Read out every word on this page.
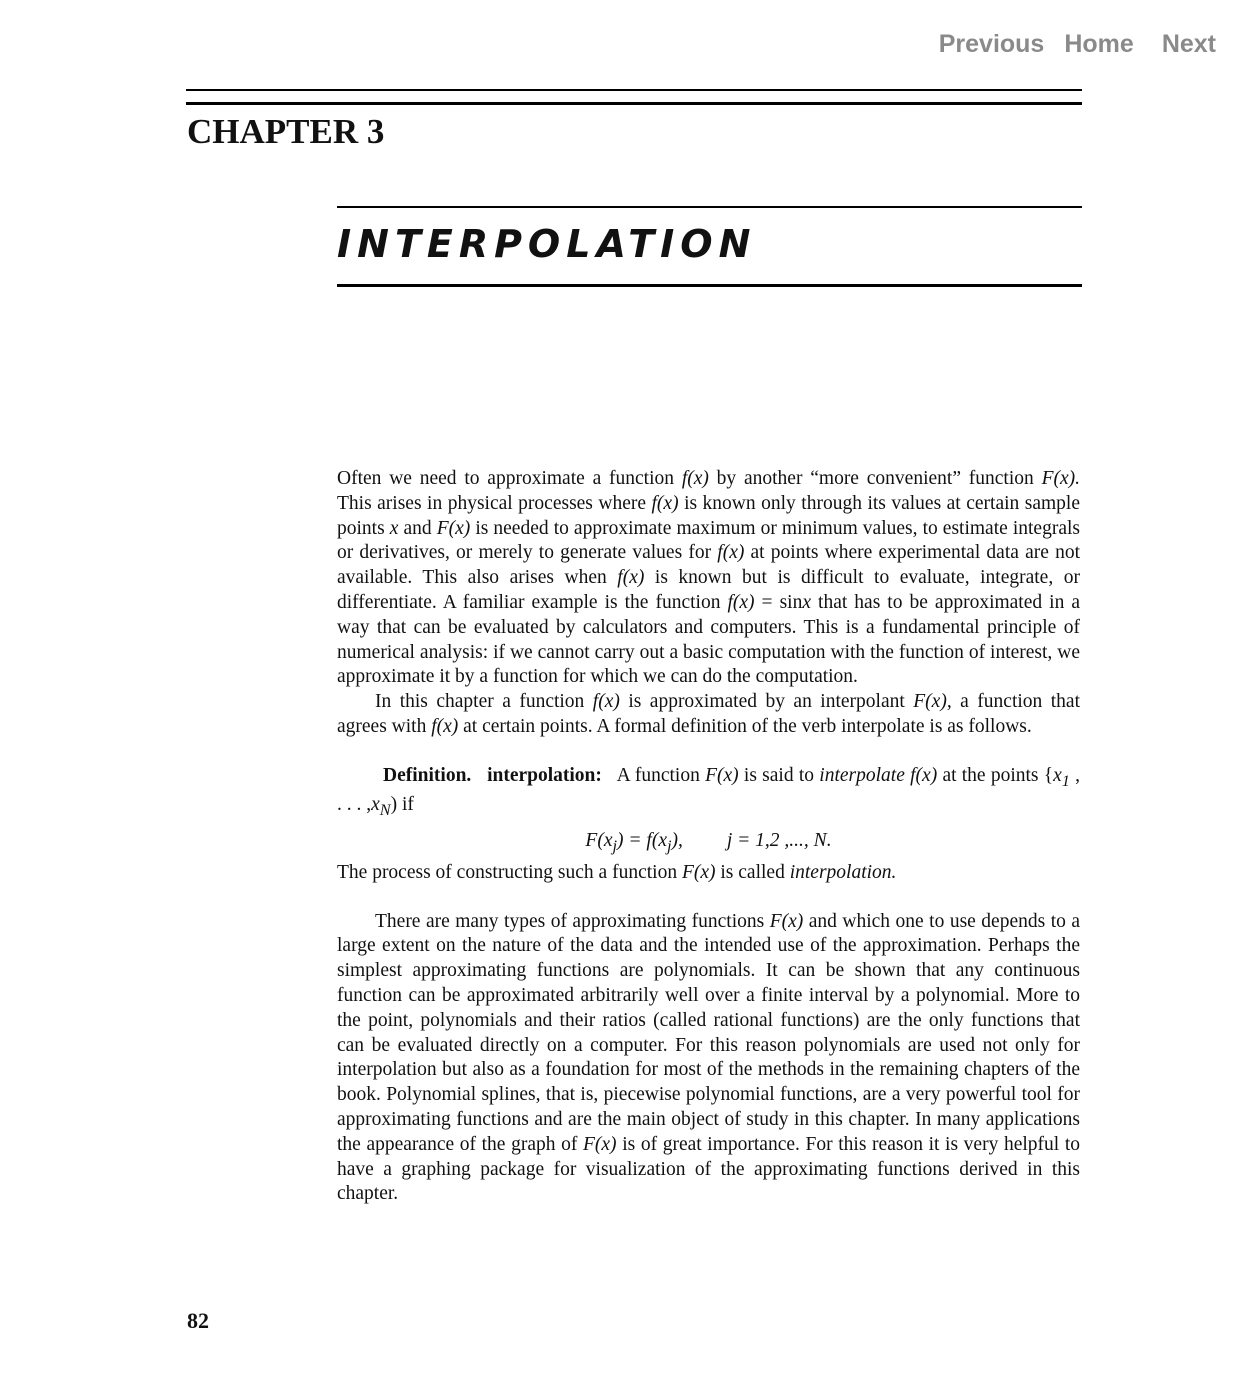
Previous Home Next
CHAPTER 3
INTERPOLATION

Often we need to approximate a function f(x) by another “more convenient” function F(x). This arises in physical processes where f(x) is known only through its values at certain sample points x and F(x) is needed to approximate maximum or minimum values, to estimate integrals or derivatives, or merely to generate values for f(x) at points where experimental data are not available. This also arises when f(x) is known but is difficult to evaluate, integrate, or differentiate. A familiar example is the function f(x) = sinx that has to be approximated in a way that can be evaluated by calculators and computers. This is a fundamental principle of numerical analysis: if we cannot carry out a basic computation with the function of interest, we approximate it by a function for which we can do the computation.

In this chapter a function f(x) is approximated by an interpolant F(x), a function that agrees with f(x) at certain points. A formal definition of the verb interpolate is as follows.

Definition. interpolation:   A function F(x) is said to interpolate f(x) at the points {$x_1$ , . . . $,x_N$) if

$F(x_j) = f(x_j)$, j = 1,2 ,..., N.

The process of constructing such a function F(x) is called interpolation.

There are many types of approximating functions F(x) and which one to use depends to a large extent on the nature of the data and the intended use of the approximation. Perhaps the simplest approximating functions are polynomials. It can be shown that any continuous function can be approximated arbitrarily well over a finite interval by a polynomial. More to the point, polynomials and their ratios (called rational functions) are the only functions that can be evaluated directly on a computer. For this reason polynomials are used not only for interpolation but also as a foundation for most of the methods in the remaining chapters of the book. Polynomial splines, that is, piecewise polynomial functions, are a very powerful tool for approximating functions and are the main object of study in this chapter. In many applications the appearance of the graph of F(x) is of great importance. For this reason it is very helpful to have a graphing package for visualization of the approximating functions derived in this chapter.

82
